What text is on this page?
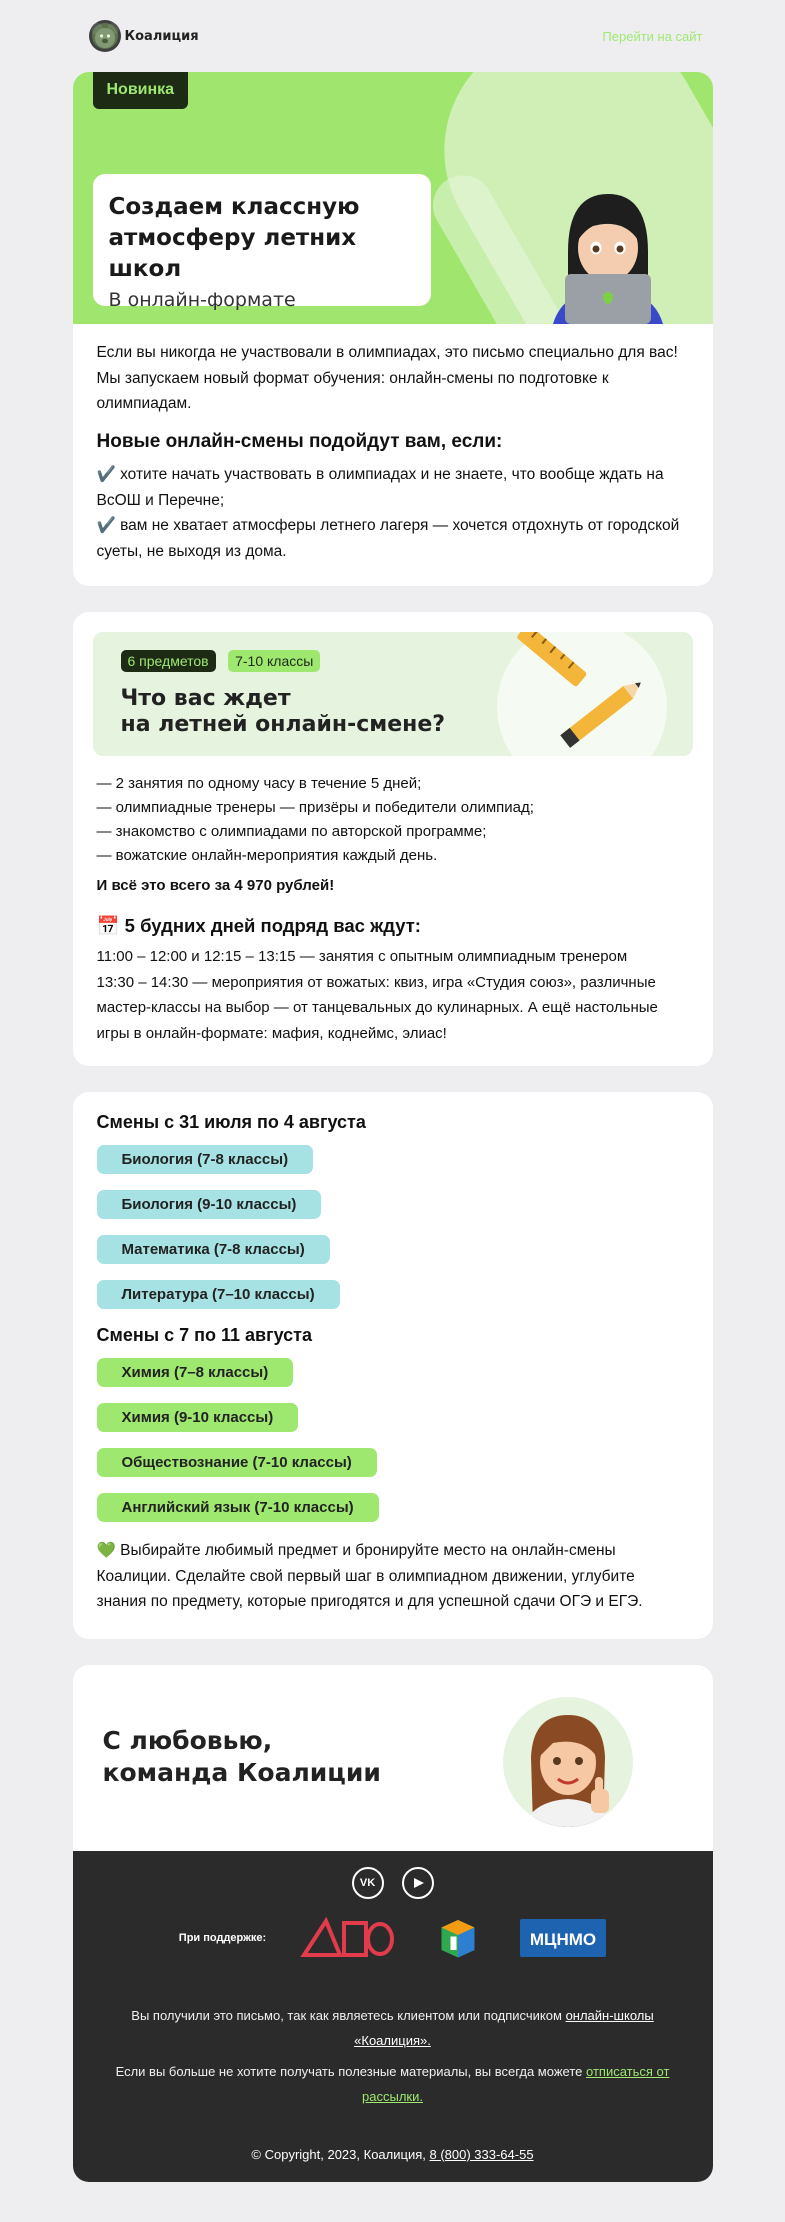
Коалиция	Перейти на сайт
Новинка
Создаем классную
атмосферу летних школ
В онлайн-формате

Если вы никогда не участвовали в олимпиадах, это письмо специально для вас! Мы запускаем новый формат обучения: онлайн-смены по подготовке к олимпиадам.

Новые онлайн-смены подойдут вам, если:

✔️ хотите начать участвовать в олимпиадах и не знаете, что вообще ждать на ВсОШ и Перечне;

✔️ вам не хватает атмосферы летнего лагеря — хочется отдохнуть от городской суеты, не выходя из дома.

6 предметов 7-10 классы
Что вас ждет
на летней онлайн-смене?

— 2 занятия по одному часу в течение 5 дней;

— олимпиадные тренеры — призёры и победители олимпиад;

— знакомство с олимпиадами по авторской программе;

— вожатские онлайн-мероприятия каждый день.

И всё это всего за 4 970 рублей!

📅 5 будних дней подряд вас ждут:

11:00 – 12:00 и 12:15 – 13:15 — занятия с опытным олимпиадным тренером

13:30 – 14:30 — мероприятия от вожатых: квиз, игра «Студия союз», различные мастер-классы на выбор — от танцевальных до кулинарных. А ещё настольные игры в онлайн-формате: мафия, коднеймс, элиас!

Смены с 31 июля по 4 августа
Биология (7-8 классы)
Биология (9-10 классы)
Математика (7-8 классы)
Литература (7–10 классы)
Смены с 7 по 11 августа
Химия (7–8 классы)
Химия (9-10 классы)
Обществознание (7-10 классы)
Английский язык (7-10 классы)

💚 Выбирайте любимый предмет и бронируйте место на онлайн-смены Коалиции. Сделайте свой первый шаг в олимпиадном движении, углубите знания по предмету, которые пригодятся и для успешной сдачи ОГЭ и ЕГЭ.

С любовью,
команда Коалиции
VK
При поддержке:	МЦНМО

Вы получили это письмо, так как являетесь клиентом или подписчиком онлайн-школы «Коалиция».

Если вы больше не хотите получать полезные материалы, вы всегда можете отписаться от рассылки.

© Copyright, 2023, Коалиция, 8 (800) 333-64-55
